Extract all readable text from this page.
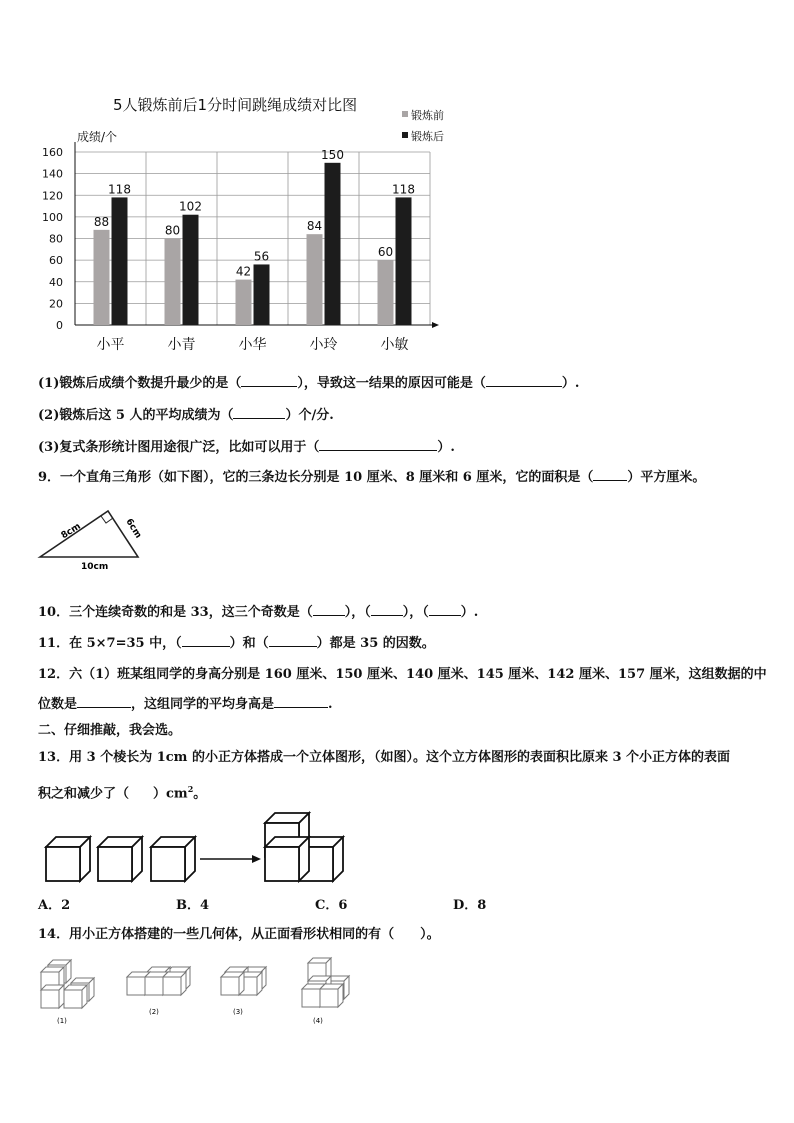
5人锻炼前后1分时间跳绳成绩对比图
0
20
40
60
80
100
120
140
160
成绩/个
88
118
小平
80
102
小青
42
56
小华
84
150
小玲
60
118
小敏
锻炼前
锻炼后
(1)锻炼后成绩个数提升最少的是（	），导致这一结果的原因可能是（	）.
(2)锻炼后这 5 人的平均成绩为（	）个/分.
(3)复式条形统计图用途很广泛，比如可以用于（	）.
9．一个直角三角形（如下图），它的三条边长分别是 10 厘米、8 厘米和 6 厘米，它的面积是（	）平方厘米。
8cm	6cm
10cm
10．三个连续奇数的和是 33，这三个奇数是（ ），（ ），（ ）.
11．在 5×7=35 中，（	）和（	）都是 35 的因数。
12．六（1）班某组同学的身高分别是 160 厘米、150 厘米、140 厘米、145 厘米、142 厘米、157 厘米，这组数据的中
位数是	，这组同学的平均身高是	.
二、仔细推敲，我会选。
13．用 3 个棱长为 1cm 的小正方体搭成一个立体图形，（如图）。这个立方体图形的表面积比原来 3 个小正方体的表面
积之和减少了（ ）$cm^2$。
A．2	B．4	C．6	D．8
14．用小正方体搭建的一些几何体，从正面看形状相同的有（　　）。
(1)
(2)	(3)
(4)
